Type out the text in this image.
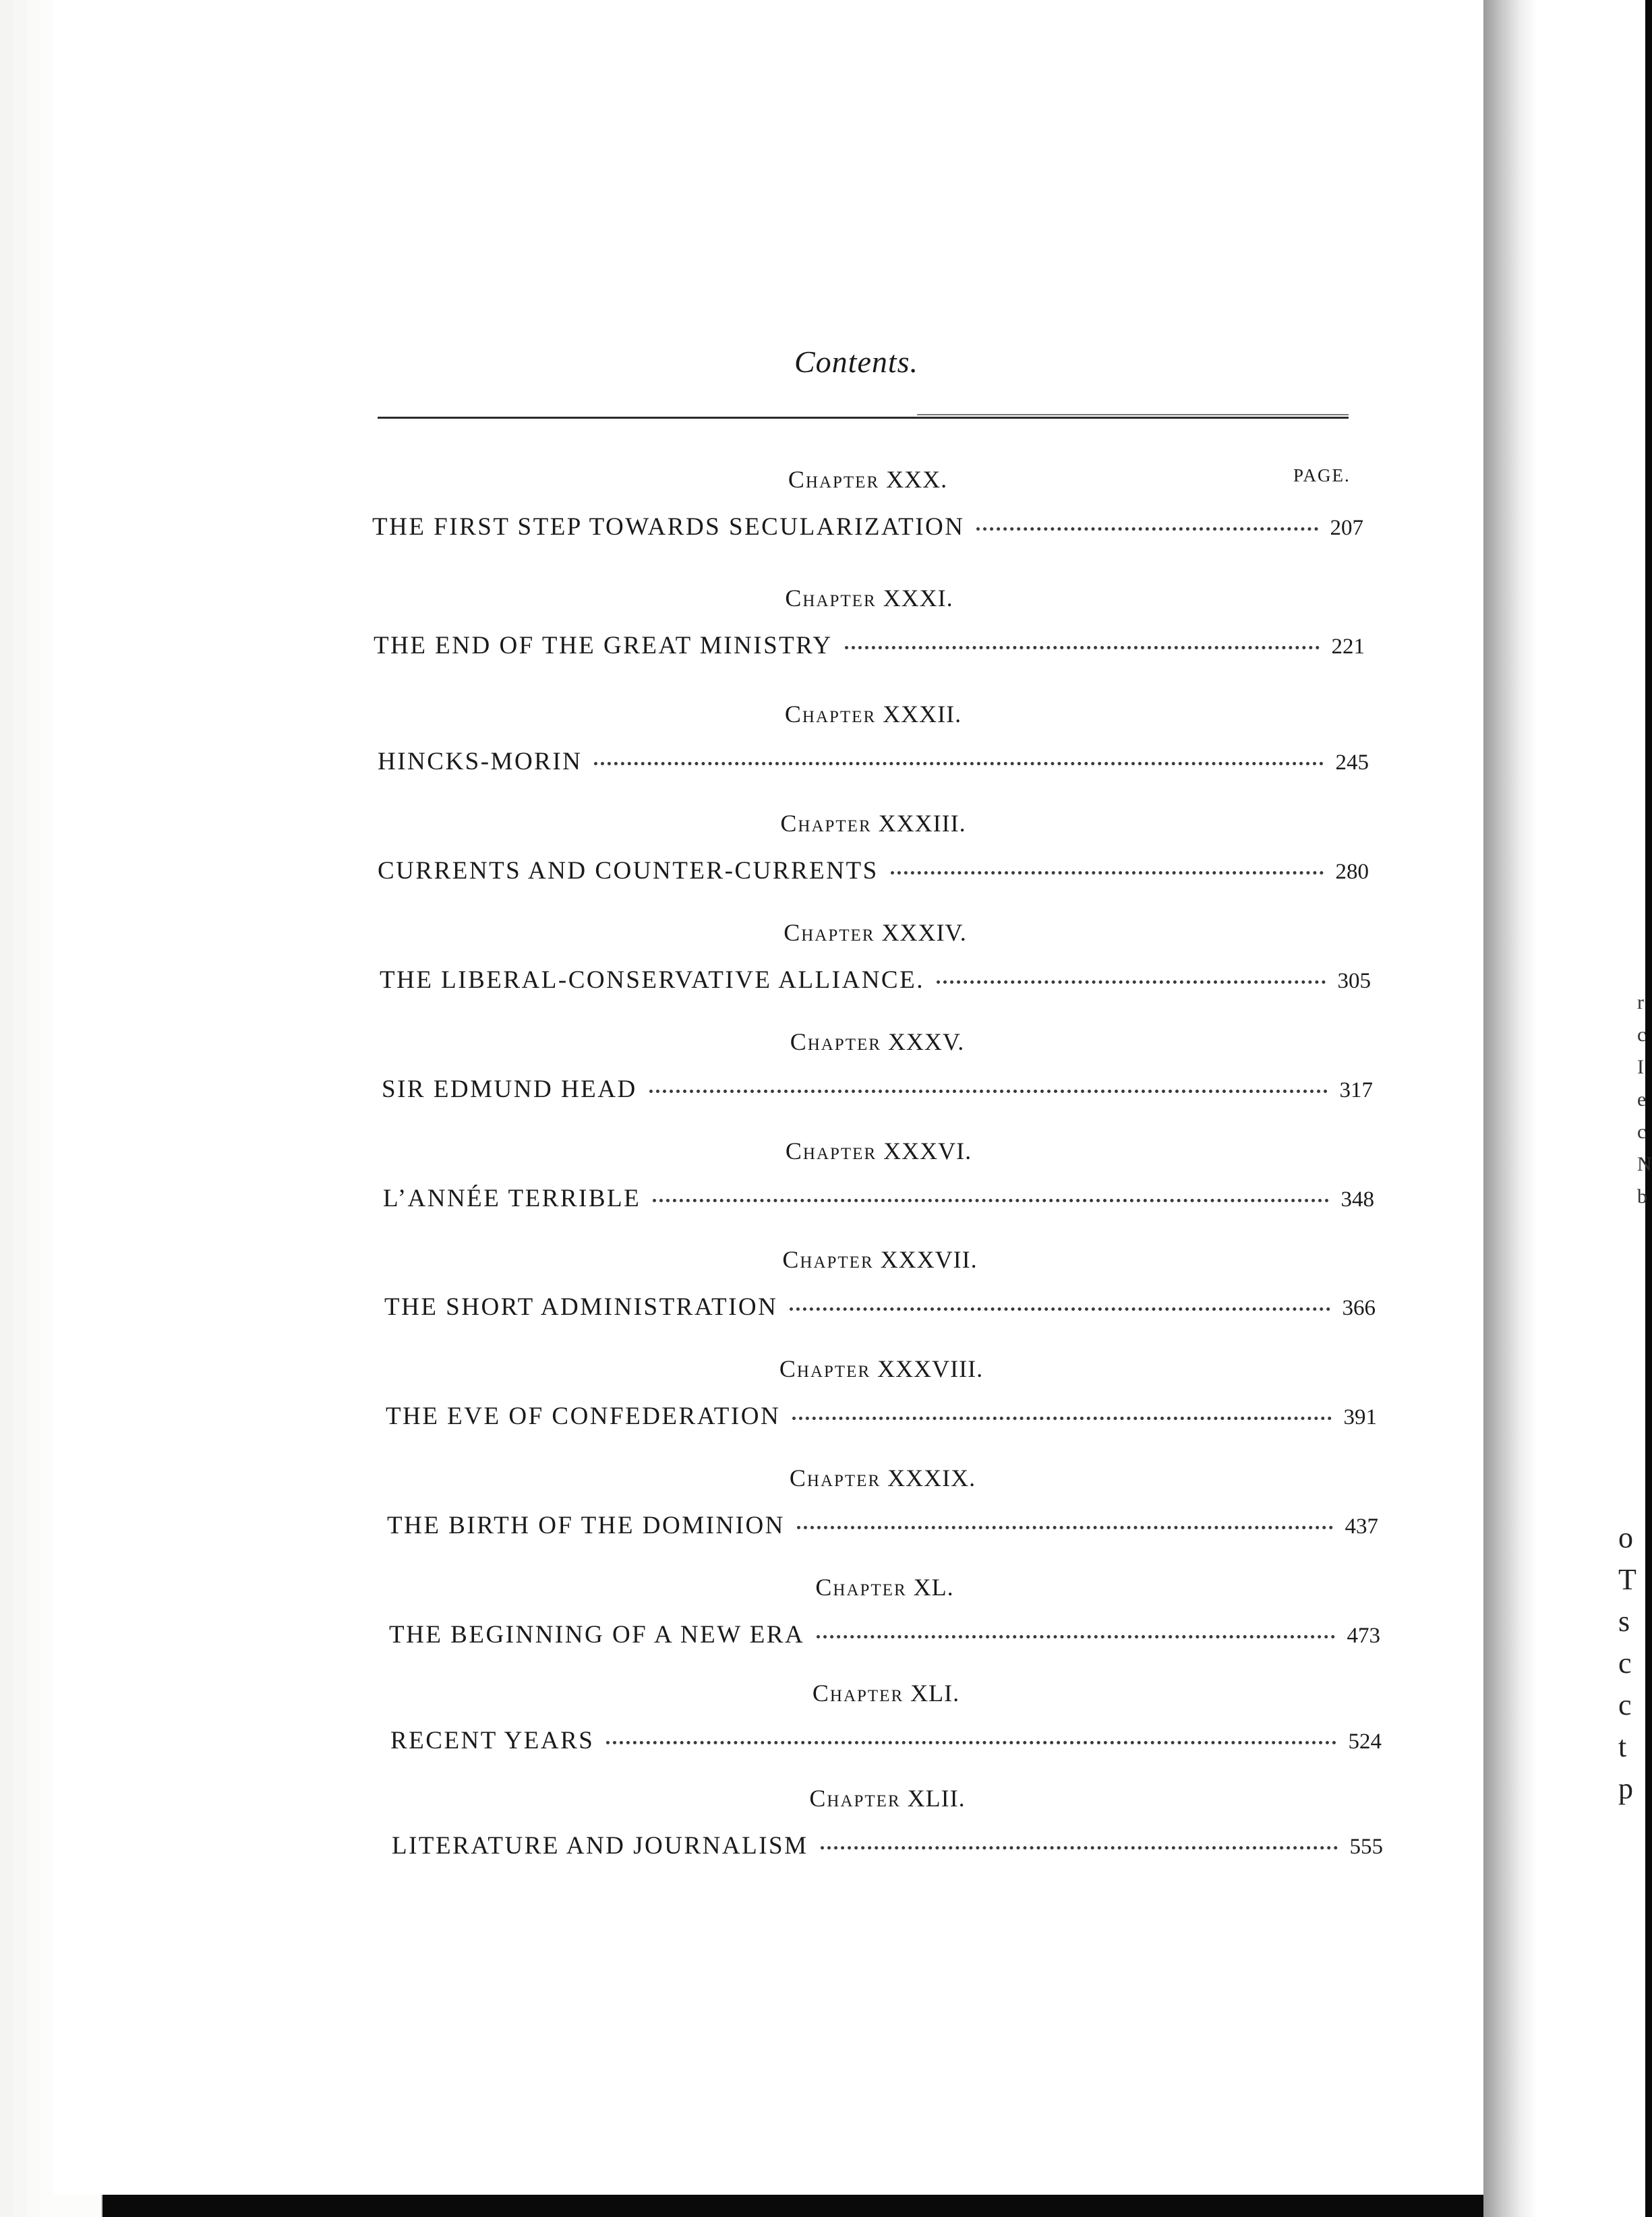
r
c
I
e
c
N
b
o
T
s
c
c
t
p
Contents.
PAGE.
Chapter XXX.
THE FIRST STEP TOWARDS SECULARIZATION	207
Chapter XXXI.
THE END OF THE GREAT MINISTRY	221
Chapter XXXII.
HINCKS-MORIN	245
Chapter XXXIII.
CURRENTS AND COUNTER-CURRENTS	280
Chapter XXXIV.
THE LIBERAL-CONSERVATIVE ALLIANCE.	305
Chapter XXXV.
SIR EDMUND HEAD	317
Chapter XXXVI.
L’ANNÉE TERRIBLE	348
Chapter XXXVII.
THE SHORT ADMINISTRATION	366
Chapter XXXVIII.
THE EVE OF CONFEDERATION	391
Chapter XXXIX.
THE BIRTH OF THE DOMINION	437
Chapter XL.
THE BEGINNING OF A NEW ERA	473
Chapter XLI.
RECENT YEARS	524
Chapter XLII.
LITERATURE AND JOURNALISM	555
